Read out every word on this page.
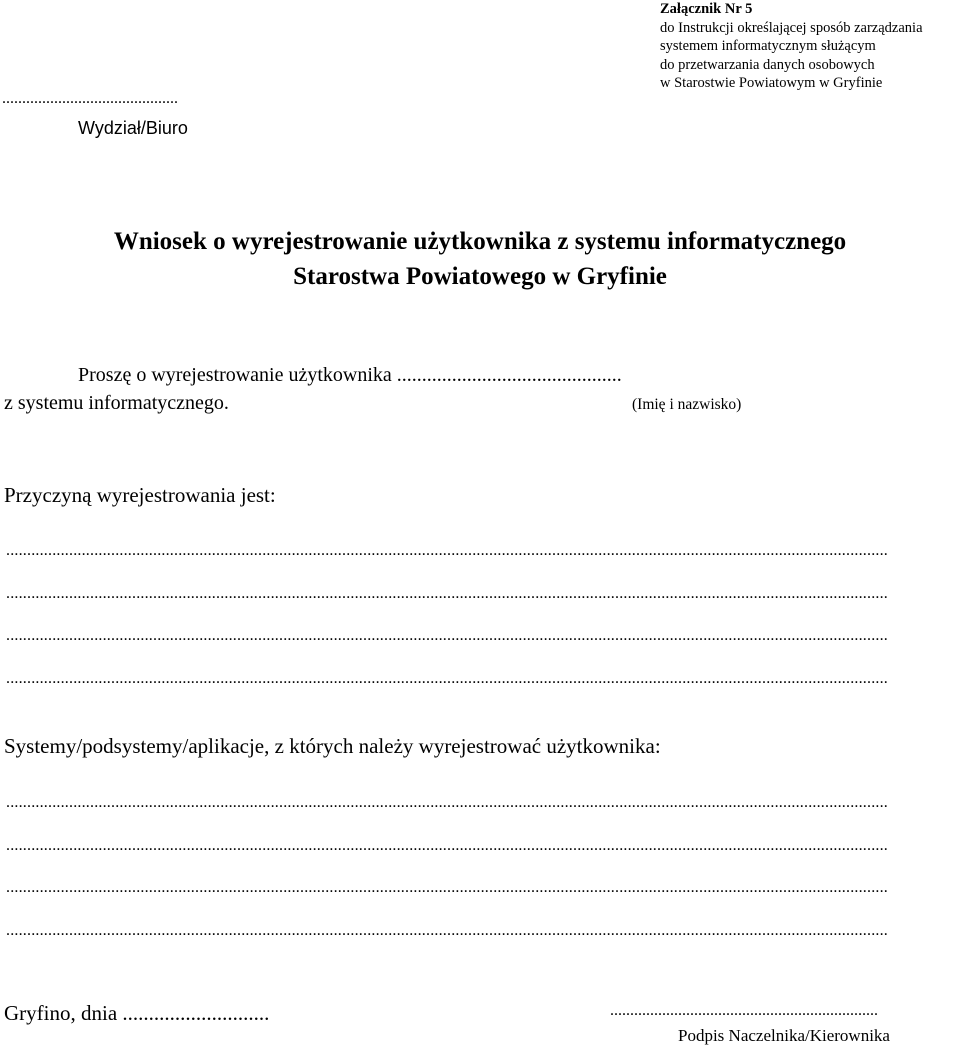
Załącznik Nr 5
do Instrukcji określającej sposób zarządzania
systemem informatycznym służącym
do przetwarzania danych osobowych
w Starostwie Powiatowym w Gryfinie
............................................
Wydział/Biuro
Wniosek o wyrejestrowanie użytkownika z systemu informatycznego
Starostwa Powiatowego w Gryfinie
Proszę o wyrejestrowanie użytkownika .............................................
z systemu informatycznego.	(Imię i nazwisko)
Przyczyną wyrejestrowania jest:
..................................................................................................................................................................................................................
..................................................................................................................................................................................................................
..................................................................................................................................................................................................................
..................................................................................................................................................................................................................
Systemy/podsystemy/aplikacje, z których należy wyrejestrować użytkownika:
..................................................................................................................................................................................................................
..................................................................................................................................................................................................................
..................................................................................................................................................................................................................
..................................................................................................................................................................................................................
Gryfino, dnia ............................	...................................................................
Podpis Naczelnika/Kierownika
